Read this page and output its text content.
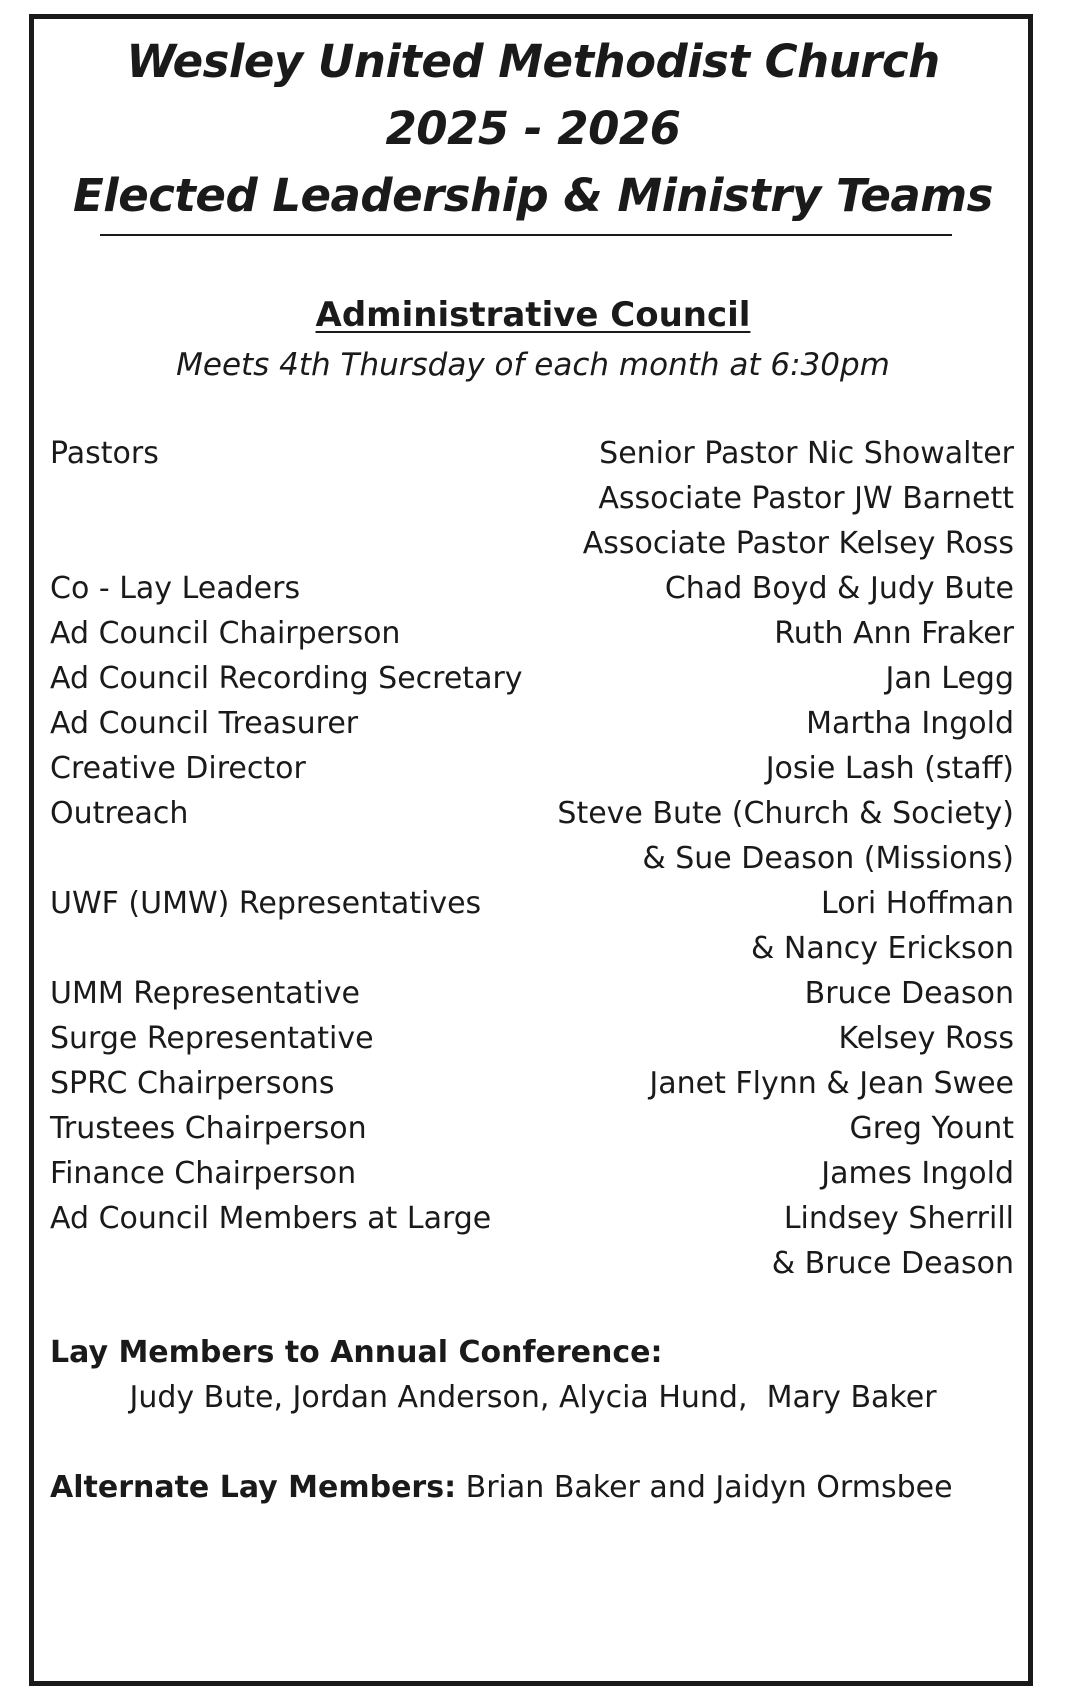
Wesley United Methodist Church

2025 - 2026

Elected Leadership & Ministry Teams

Administrative Council
Meets 4th Thursday of each month at 6:30pm
Pastors	Senior Pastor Nic Showalter
Associate Pastor JW Barnett
Associate Pastor Kelsey Ross
Co - Lay Leaders	Chad Boyd & Judy Bute
Ad Council Chairperson	Ruth Ann Fraker
Ad Council Recording Secretary	Jan Legg
Ad Council Treasurer	Martha Ingold
Creative Director	Josie Lash (staff)
Outreach	Steve Bute (Church & Society)
& Sue Deason (Missions)
UWF (UMW) Representatives	Lori Hoffman
& Nancy Erickson
UMM Representative	Bruce Deason
Surge Representative	Kelsey Ross
SPRC Chairpersons	Janet Flynn & Jean Swee
Trustees Chairperson	Greg Yount
Finance Chairperson	James Ingold
Ad Council Members at Large	Lindsey Sherrill
& Bruce Deason
Lay Members to Annual Conference:
Judy Bute, Jordan Anderson, Alycia Hund,  Mary Baker
Alternate Lay Members: Brian Baker and Jaidyn Ormsbee
